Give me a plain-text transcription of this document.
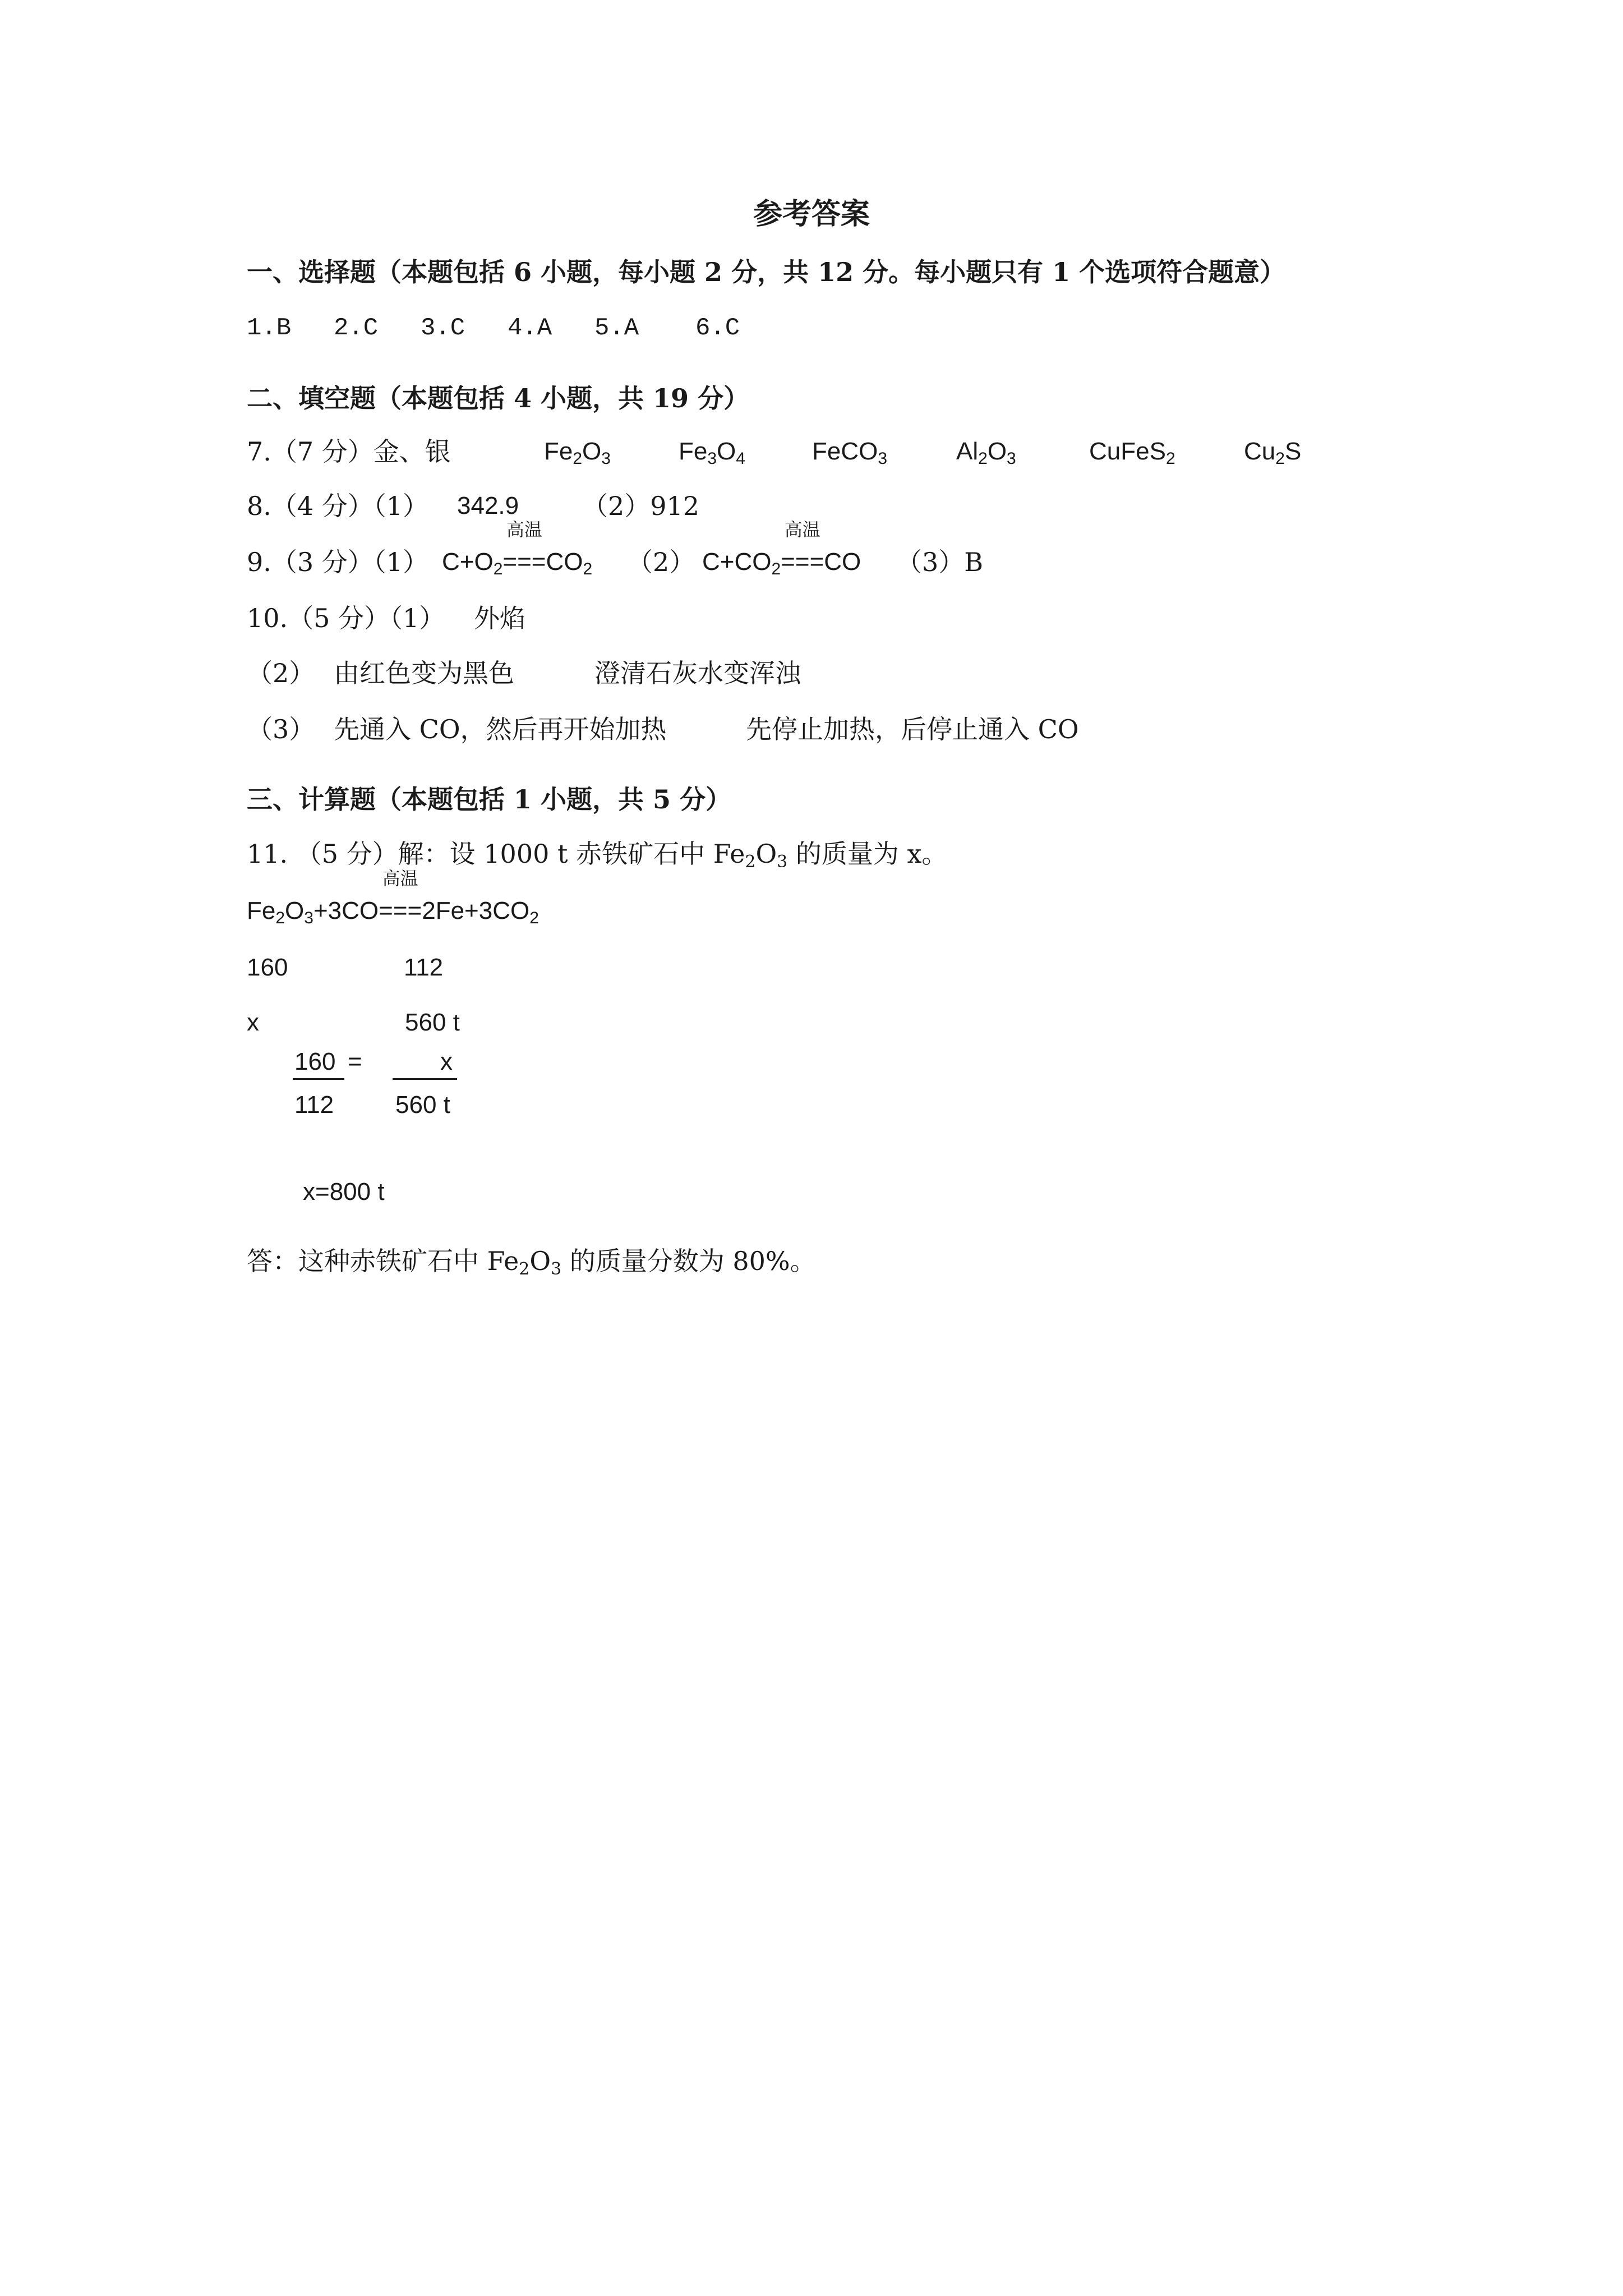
参考答案
一、选择题（本题包括 6 小题，每小题 2 分，共 12 分。每小题只有 1 个选项符合题意）
1.B 2.C 3.C 4.A 5.A 6.C
二、填空题（本题包括 4 小题，共 19 分）
7.（7 分）金、银	$Fe_2O_3$	$Fe_3O_4$	FeCO$_3$	$Al_2O_3$	CuFeS$_2$	$Cu_2S$
8.（4 分）（1） 342.9 （2）912
9.（3 分）（1） $C+O_2$
高温
$===CO_2$ （2） $C+CO_2$
高温
===CO （3）B
10.（5 分）（1） 外焰
（2） 由红色变为黑色	澄清石灰水变浑浊
（3） 先通入 CO，然后再开始加热	先停止加热，后停止通入 CO
三、计算题（本题包括 1 小题，共 5 分）
11. （5 分）解：设 1000 t 赤铁矿石中 $Fe_2O_3$ 的质量为 x。
$Fe_2O_3+3CO$
高温
$===2Fe+3CO_2$
160	112
x	560 t
160 =	x
112 560 t
x=800 t
答：这种赤铁矿石中 $Fe_2O_3$ 的质量分数为 80%。
